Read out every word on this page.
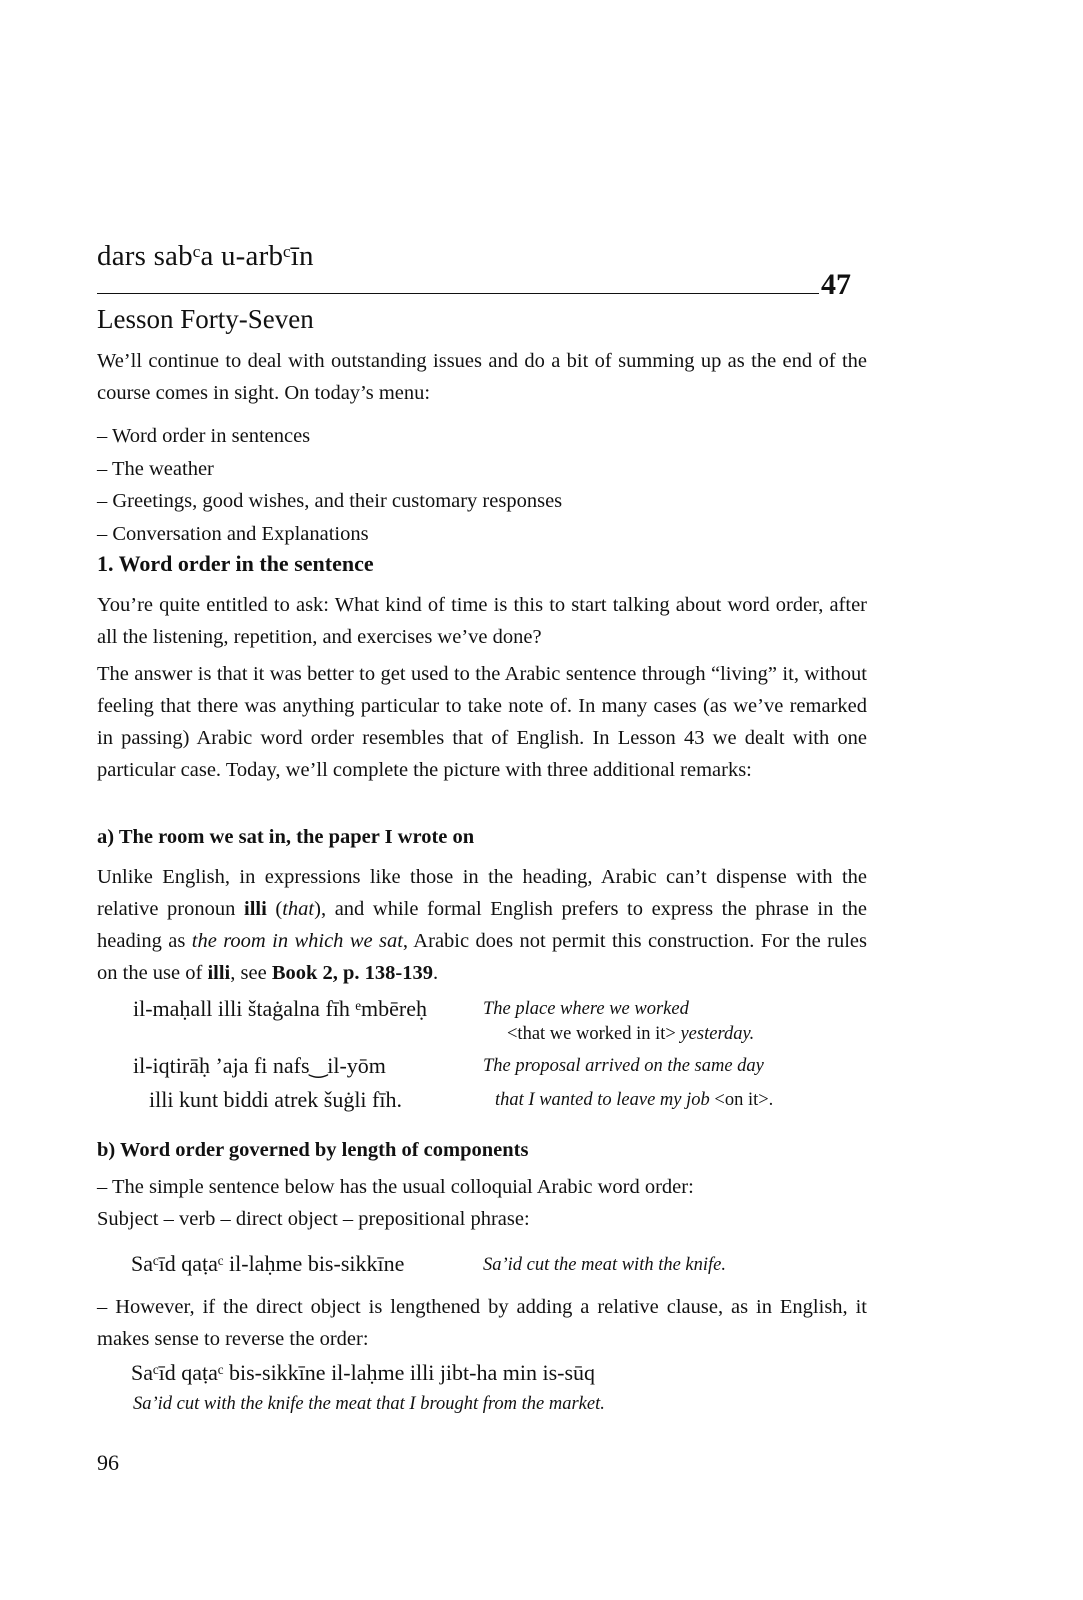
dars sabᶜa u-arbᶜīn
47
Lesson Forty-Seven

We’ll continue to deal with outstanding issues and do a bit of summing up as the end of the course comes in sight. On today’s menu:

– Word order in sentences
– The weather
– Greetings, good wishes, and their customary responses
– Conversation and Explanations
1. Word order in the sentence

You’re quite entitled to ask: What kind of time is this to start talking about word order, after all the listening, repetition, and exercises we’ve done?

The answer is that it was better to get used to the Arabic sentence through “living” it, without feeling that there was anything particular to take note of. In many cases (as we’ve remarked in passing) Arabic word order resembles that of English. In Lesson 43 we dealt with one particular case. Today, we’ll complete the picture with three additional remarks:

a) The room we sat in, the paper I wrote on

Unlike English, in expressions like those in the heading, Arabic can’t dispense with the relative pronoun illi (that), and while formal English prefers to express the phrase in the heading as the room in which we sat, Arabic does not permit this construction. For the rules on the use of illi, see Book 2, p. 138-139.

il-maḥall illi štaġalna fīh ᵉmbēreḥ	The place where we worked
<that we worked in it> yesterday.
il-iqtirāḥ ’aja fi nafs‿il-yōm	The proposal arrived on the same day
illi kunt biddi atrek šuġli fīh.	that I wanted to leave my job <on it>.
b) Word order governed by length of components
– The simple sentence below has the usual colloquial Arabic word order:
Subject – verb – direct object – prepositional phrase:
Saᶜīd qaṭaᶜ il-laḥme bis-sikkīne	Sa’id cut the meat with the knife.

– However, if the direct object is lengthened by adding a relative clause, as in English, it makes sense to reverse the order:

Saᶜīd qaṭaᶜ bis-sikkīne il-laḥme illi jibt-ha min is-sūq
Sa’id cut with the knife the meat that I brought from the market.
96
